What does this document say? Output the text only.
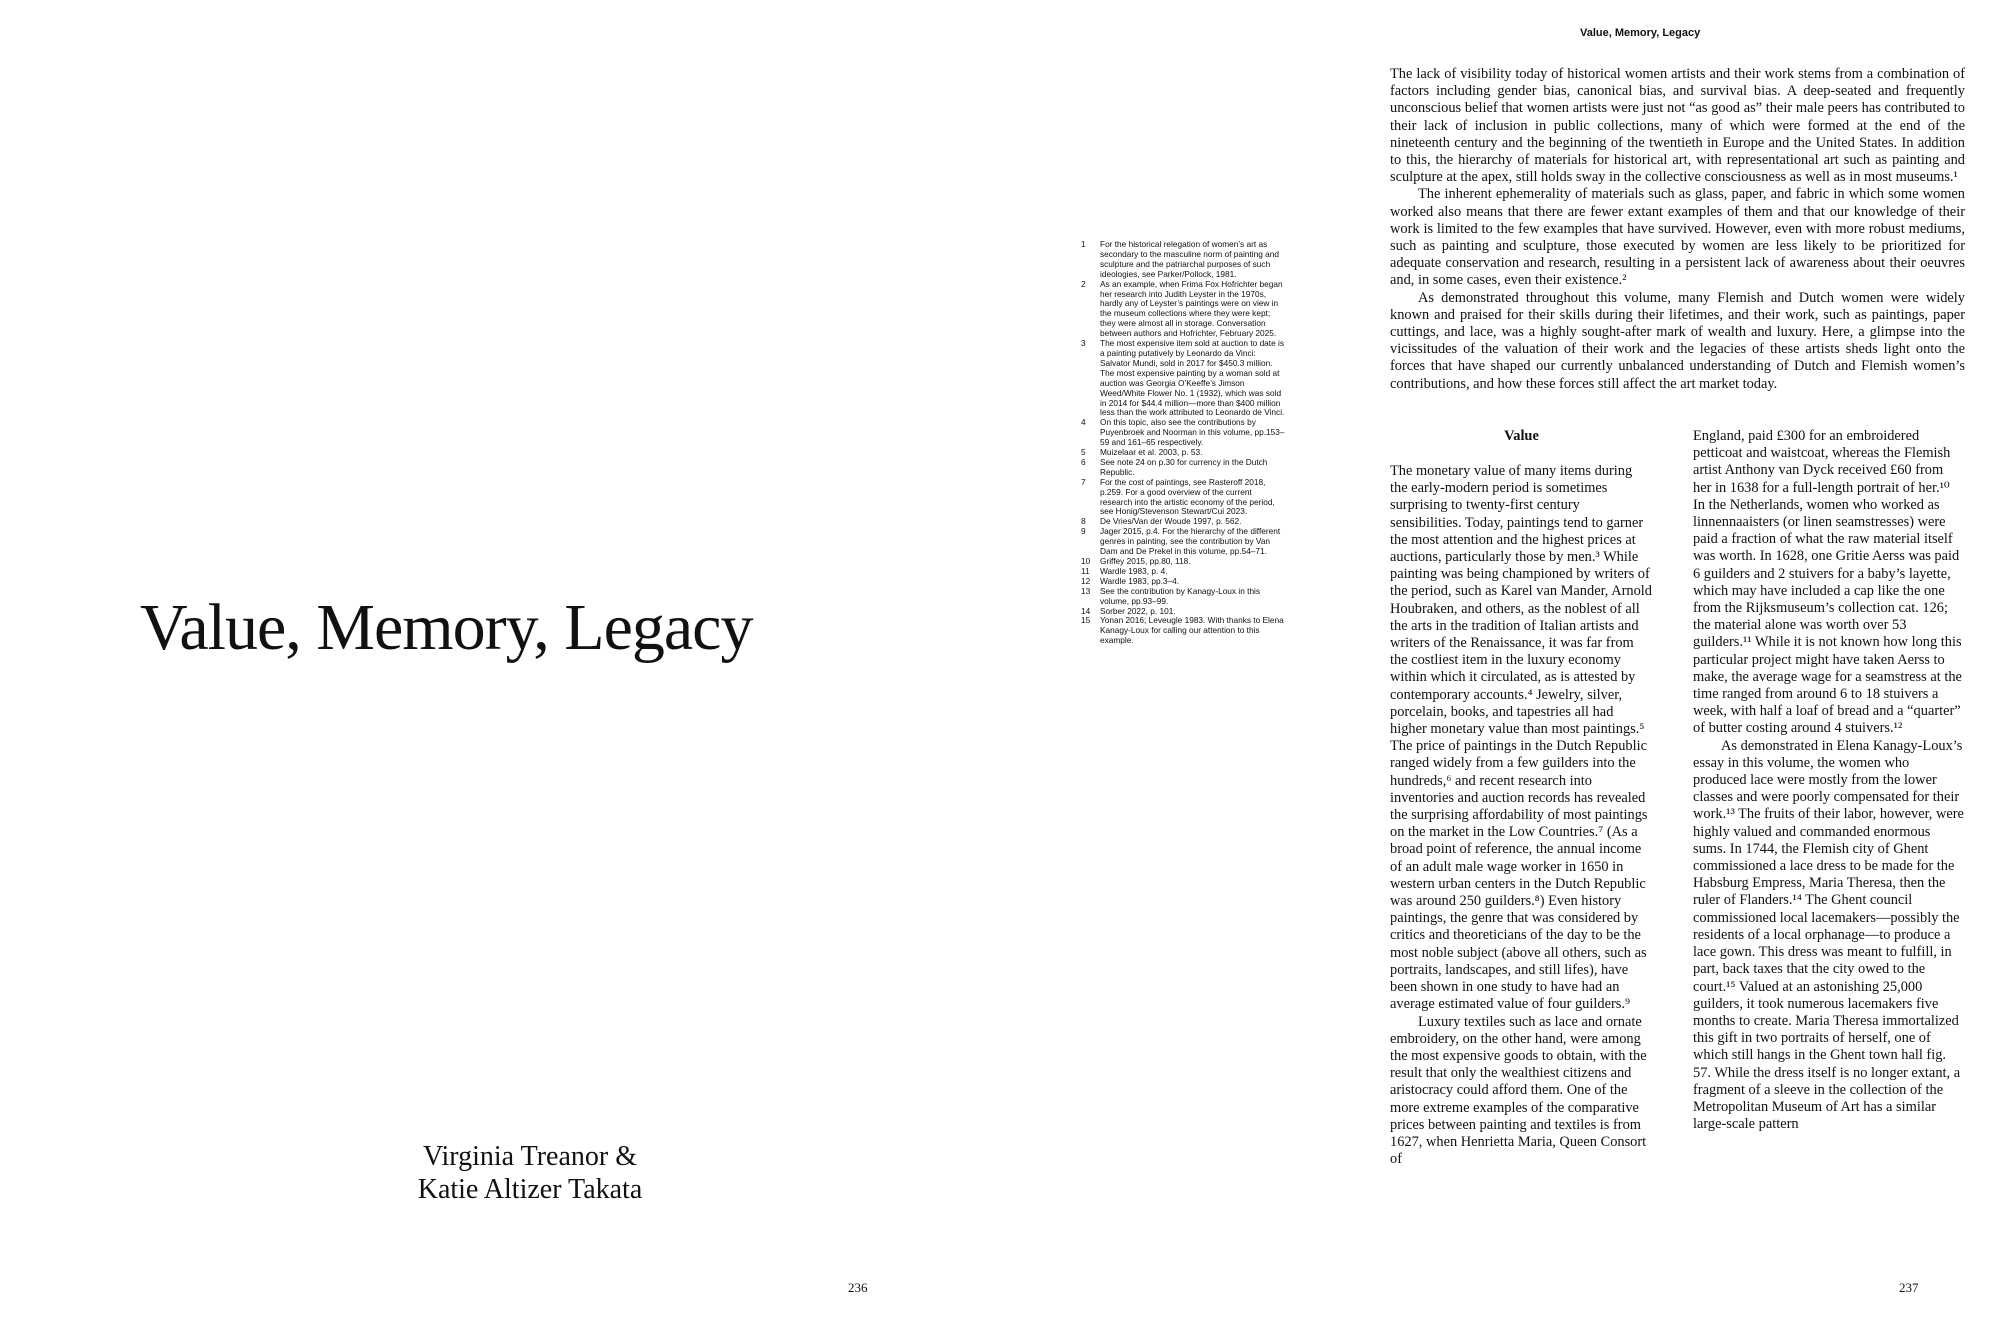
Value, Memory, Legacy
Virginia Treanor &
Katie Altizer Takata
236
Value, Memory, Legacy
1	For the historical relegation of women’s art as secondary to the masculine norm of painting and sculpture and the patriarchal purposes of such ideologies, see Parker/Pollock, 1981.
2	As an example, when Frima Fox Hofrichter began her research into Judith Leyster in the 1970s, hardly any of Leyster’s paintings were on view in the museum collections where they were kept; they were almost all in storage. Conversation between authors and Hofrichter, February 2025.
3	The most expensive item sold at auction to date is a painting putatively by Leonardo da Vinci: Salvator Mundi, sold in 2017 for $450.3 million. The most expensive painting by a woman sold at auction was Georgia O’Keeffe’s Jimson Weed/White Flower No. 1 (1932), which was sold in 2014 for $44.4 million—more than $400 million less than the work attributed to Leonardo de Vinci.
4	On this topic, also see the contributions by Puyenbroek and Noorman in this volume, pp.153–59 and 161–65 respectively.
5	Muizelaar et al. 2003, p. 53.
6	See note 24 on p.30 for currency in the Dutch Republic.
7	For the cost of paintings, see Rasteroff 2018, p.259. For a good overview of the current research into the artistic economy of the period, see Honig/Stevenson Stewart/Cui 2023.
8	De Vries/Van der Woude 1997, p. 562.
9	Jager 2015, p.4. For the hierarchy of the different genres in painting, see the contribution by Van Dam and De Prekel in this volume, pp.54–71.
10	Griffey 2015, pp.80, 118.
11	Wardle 1983, p. 4.
12	Wardle 1983, pp.3–4.
13	See the contribution by Kanagy-Loux in this volume, pp.93–99.
14	Sorber 2022, p. 101.
15	Yonan 2016; Leveugle 1983. With thanks to Elena Kanagy-Loux for calling our attention to this example.

The lack of visibility today of historical women artists and their work stems from a combination of factors including gender bias, canonical bias, and survival bias. A deep-seated and frequently unconscious belief that women artists were just not “as good as” their male peers has contributed to their lack of inclusion in public collections, many of which were formed at the end of the nineteenth century and the beginning of the twentieth in Europe and the United States. In addition to this, the hierarchy of materials for historical art, with representational art such as painting and sculpture at the apex, still holds sway in the collective consciousness as well as in most museums.¹

The inherent ephemerality of materials such as glass, paper, and fabric in which some women worked also means that there are fewer extant examples of them and that our knowledge of their work is limited to the few examples that have survived. However, even with more robust mediums, such as painting and sculpture, those executed by women are less likely to be prioritized for adequate conservation and research, resulting in a persistent lack of awareness about their oeuvres and, in some cases, even their existence.²

As demonstrated throughout this volume, many Flemish and Dutch women were widely known and praised for their skills during their lifetimes, and their work, such as paintings, paper cuttings, and lace, was a highly sought-after mark of wealth and luxury. Here, a glimpse into the vicissitudes of the valuation of their work and the legacies of these artists sheds light onto the forces that have shaped our currently unbalanced understanding of Dutch and Flemish women’s contributions, and how these forces still affect the art market today.

Value

The monetary value of many items during the early-modern period is sometimes surprising to twenty-first century sensibilities. Today, paintings tend to garner the most attention and the highest prices at auctions, particularly those by men.³ While painting was being championed by writers of the period, such as Karel van Mander, Arnold Houbraken, and others, as the noblest of all the arts in the tradition of Italian artists and writers of the Renaissance, it was far from the costliest item in the luxury economy within which it circulated, as is attested by contemporary accounts.⁴ Jewelry, silver, porcelain, books, and tapestries all had higher monetary value than most paintings.⁵ The price of paintings in the Dutch Republic ranged widely from a few guilders into the hundreds,⁶ and recent research into inventories and auction records has revealed the surprising affordability of most paintings on the market in the Low Countries.⁷ (As a broad point of reference, the annual income of an adult male wage worker in 1650 in western urban centers in the Dutch Republic was around 250 guilders.⁸) Even history paintings, the genre that was considered by critics and theoreticians of the day to be the most noble subject (above all others, such as portraits, landscapes, and still lifes), have been shown in one study to have had an average estimated value of four guilders.⁹

Luxury textiles such as lace and ornate embroidery, on the other hand, were among the most expensive goods to obtain, with the result that only the wealthiest citizens and aristocracy could afford them. One of the more extreme examples of the comparative prices between painting and textiles is from 1627, when Henrietta Maria, Queen Consort of

England, paid £300 for an embroidered petticoat and waistcoat, whereas the Flemish artist Anthony van Dyck received £60 from her in 1638 for a full-length portrait of her.¹⁰ In the Netherlands, women who worked as linnennaaisters (or linen seamstresses) were paid a fraction of what the raw material itself was worth. In 1628, one Gritie Aerss was paid 6 guilders and 2 stuivers for a baby’s layette, which may have included a cap like the one from the Rijksmuseum’s collection cat. 126; the material alone was worth over 53 guilders.¹¹ While it is not known how long this particular project might have taken Aerss to make, the average wage for a seamstress at the time ranged from around 6 to 18 stuivers a week, with half a loaf of bread and a “quarter” of butter costing around 4 stuivers.¹²

As demonstrated in Elena Kanagy-Loux’s essay in this volume, the women who produced lace were mostly from the lower classes and were poorly compensated for their work.¹³ The fruits of their labor, however, were highly valued and commanded enormous sums. In 1744, the Flemish city of Ghent commissioned a lace dress to be made for the Habsburg Empress, Maria Theresa, then the ruler of Flanders.¹⁴ The Ghent council commissioned local lacemakers—possibly the residents of a local orphanage—to produce a lace gown. This dress was meant to fulfill, in part, back taxes that the city owed to the court.¹⁵ Valued at an astonishing 25,000 guilders, it took numerous lacemakers five months to create. Maria Theresa immortalized this gift in two portraits of herself, one of which still hangs in the Ghent town hall fig. 57. While the dress itself is no longer extant, a fragment of a sleeve in the collection of the Metropolitan Museum of Art has a similar large-scale pattern

237
